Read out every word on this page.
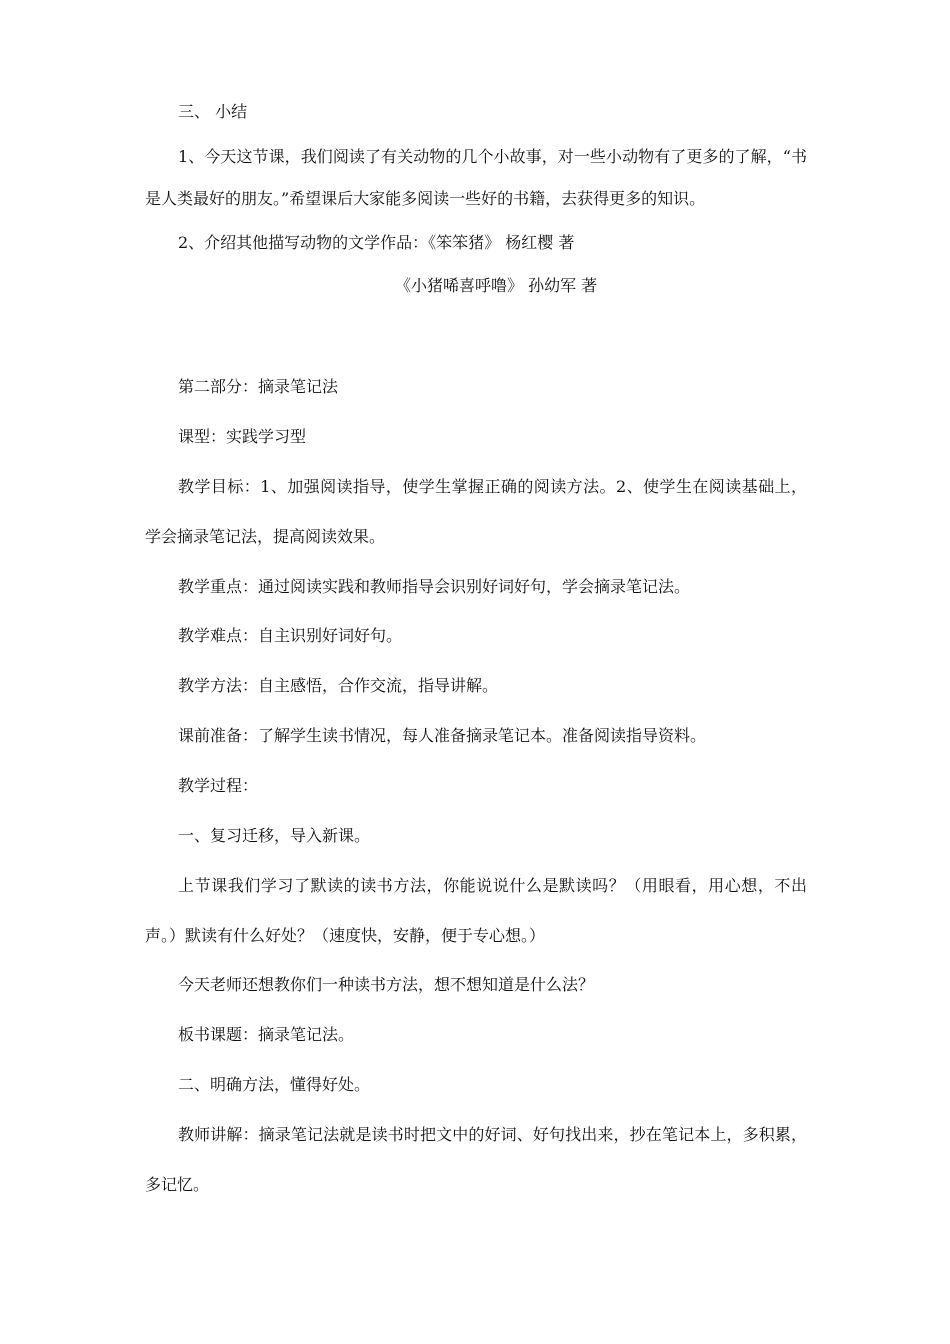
三、 小结

1、今天这节课，我们阅读了有关动物的几个小故事，对一些小动物有了更多的了解，“书

是人类最好的朋友。”希望课后大家能多阅读一些好的书籍，去获得更多的知识。

2、介绍其他描写动物的文学作品：《笨笨猪》 杨红樱 著

《小猪唏喜呼噜》 孙幼军 著

第二部分：摘录笔记法

课型：实践学习型

教学目标：1、加强阅读指导，使学生掌握正确的阅读方法。2、使学生在阅读基础上，

学会摘录笔记法，提高阅读效果。

教学重点：通过阅读实践和教师指导会识别好词好句，学会摘录笔记法。

教学难点：自主识别好词好句。

教学方法：自主感悟，合作交流，指导讲解。

课前准备：了解学生读书情况，每人准备摘录笔记本。准备阅读指导资料。

教学过程：

一、复习迁移，导入新课。

上节课我们学习了默读的读书方法，你能说说什么是默读吗？（用眼看，用心想，不出

声。）默读有什么好处？（速度快，安静，便于专心想。）

今天老师还想教你们一种读书方法，想不想知道是什么法？

板书课题：摘录笔记法。

二、明确方法，懂得好处。

教师讲解：摘录笔记法就是读书时把文中的好词、好句找出来，抄在笔记本上，多积累，

多记忆。
